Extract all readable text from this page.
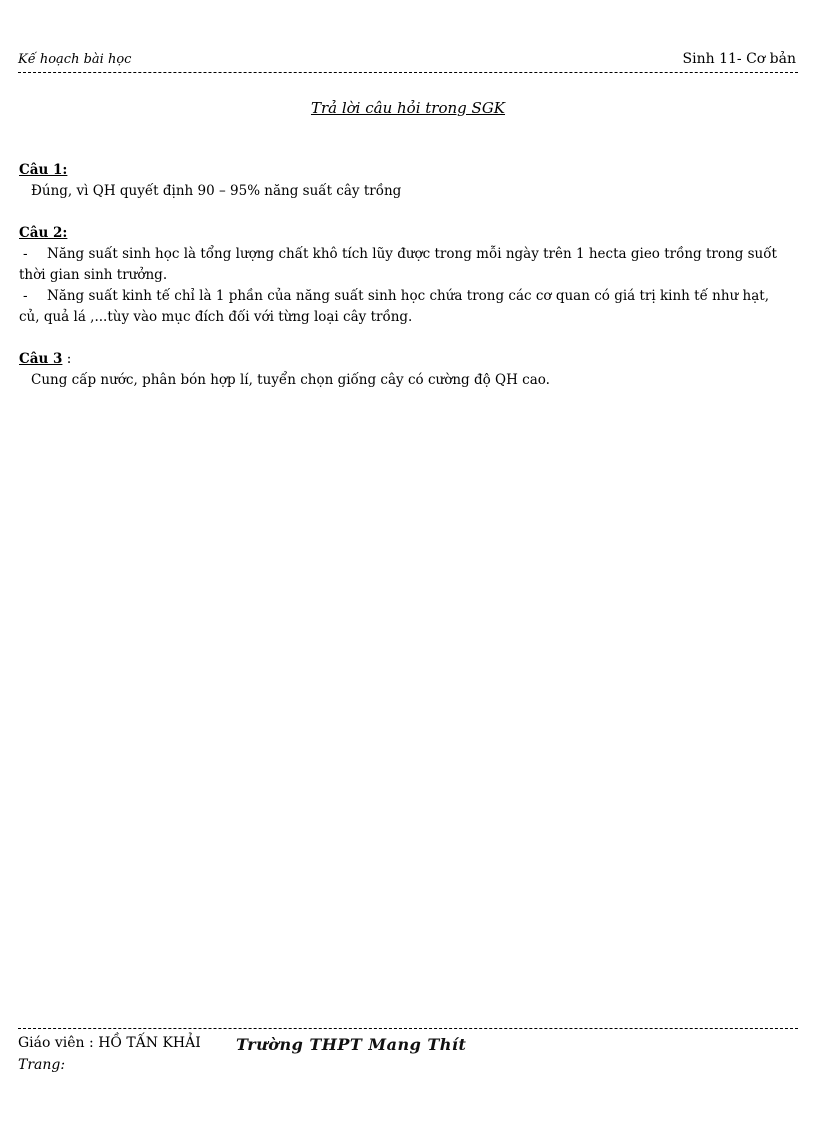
Kế hoạch bài học	Sinh 11- Cơ bản
Trả lời câu hỏi trong SGK
Câu 1:

Đúng, vì QH quyết định 90 – 95% năng suất cây trồng

Câu 2:
- Năng suất sinh học là tổng lượng chất khô tích lũy được trong mỗi ngày trên 1 hecta gieo trồng trong suốt thời gian sinh trưởng.
- Năng suất kinh tế chỉ là 1 phần của năng suất sinh học chứa trong các cơ quan có giá trị kinh tế như hạt, củ, quả lá ,...tùy vào mục đích đối với từng loại cây trồng.
Câu 3 :

Cung cấp nước, phân bón hợp lí, tuyển chọn giống cây có cường độ QH cao.

Giáo viên : HỒ TẤN KHẢI Trường THPT Mang Thít
Trang:
